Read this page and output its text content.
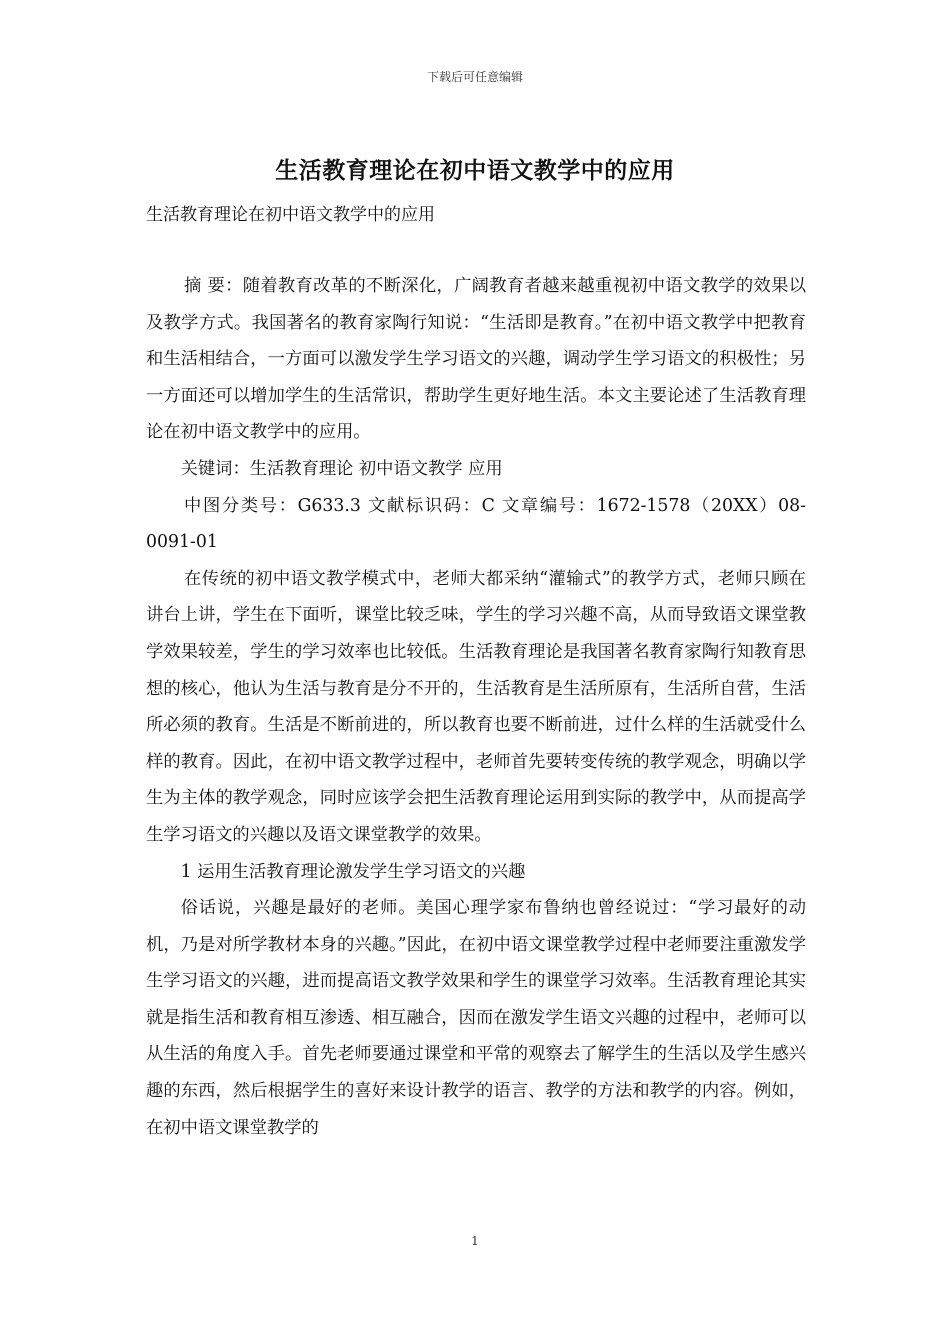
下载后可任意编辑
生活教育理论在初中语文教学中的应用
生活教育理论在初中语文教学中的应用

摘 要：随着教育改革的不断深化，广阔教育者越来越重视初中语文教学的效果以及教学方式。我国著名的教育家陶行知说：“生活即是教育。”在初中语文教学中把教育和生活相结合，一方面可以激发学生学习语文的兴趣，调动学生学习语文的积极性；另一方面还可以增加学生的生活常识，帮助学生更好地生活。本文主要论述了生活教育理论在初中语文教学中的应用。

关键词：生活教育理论 初中语文教学 应用

中图分类号：G633.3 文献标识码：C 文章编号：1672-1578（20XX）08-0091-01

在传统的初中语文教学模式中，老师大都采纳“灌输式”的教学方式，老师只顾在讲台上讲，学生在下面听，课堂比较乏味，学生的学习兴趣不高，从而导致语文课堂教学效果较差，学生的学习效率也比较低。生活教育理论是我国著名教育家陶行知教育思想的核心，他认为生活与教育是分不开的，生活教育是生活所原有，生活所自营，生活所必须的教育。生活是不断前进的，所以教育也要不断前进，过什么样的生活就受什么样的教育。因此，在初中语文教学过程中，老师首先要转变传统的教学观念，明确以学生为主体的教学观念，同时应该学会把生活教育理论运用到实际的教学中，从而提高学生学习语文的兴趣以及语文课堂教学的效果。

1 运用生活教育理论激发学生学习语文的兴趣

俗话说，兴趣是最好的老师。美国心理学家布鲁纳也曾经说过：“学习最好的动机，乃是对所学教材本身的兴趣。”因此，在初中语文课堂教学过程中老师要注重激发学生学习语文的兴趣，进而提高语文教学效果和学生的课堂学习效率。生活教育理论其实就是指生活和教育相互渗透、相互融合，因而在激发学生语文兴趣的过程中，老师可以从生活的角度入手。首先老师要通过课堂和平常的观察去了解学生的生活以及学生感兴趣的东西，然后根据学生的喜好来设计教学的语言、教学的方法和教学的内容。例如，在初中语文课堂教学的

1
